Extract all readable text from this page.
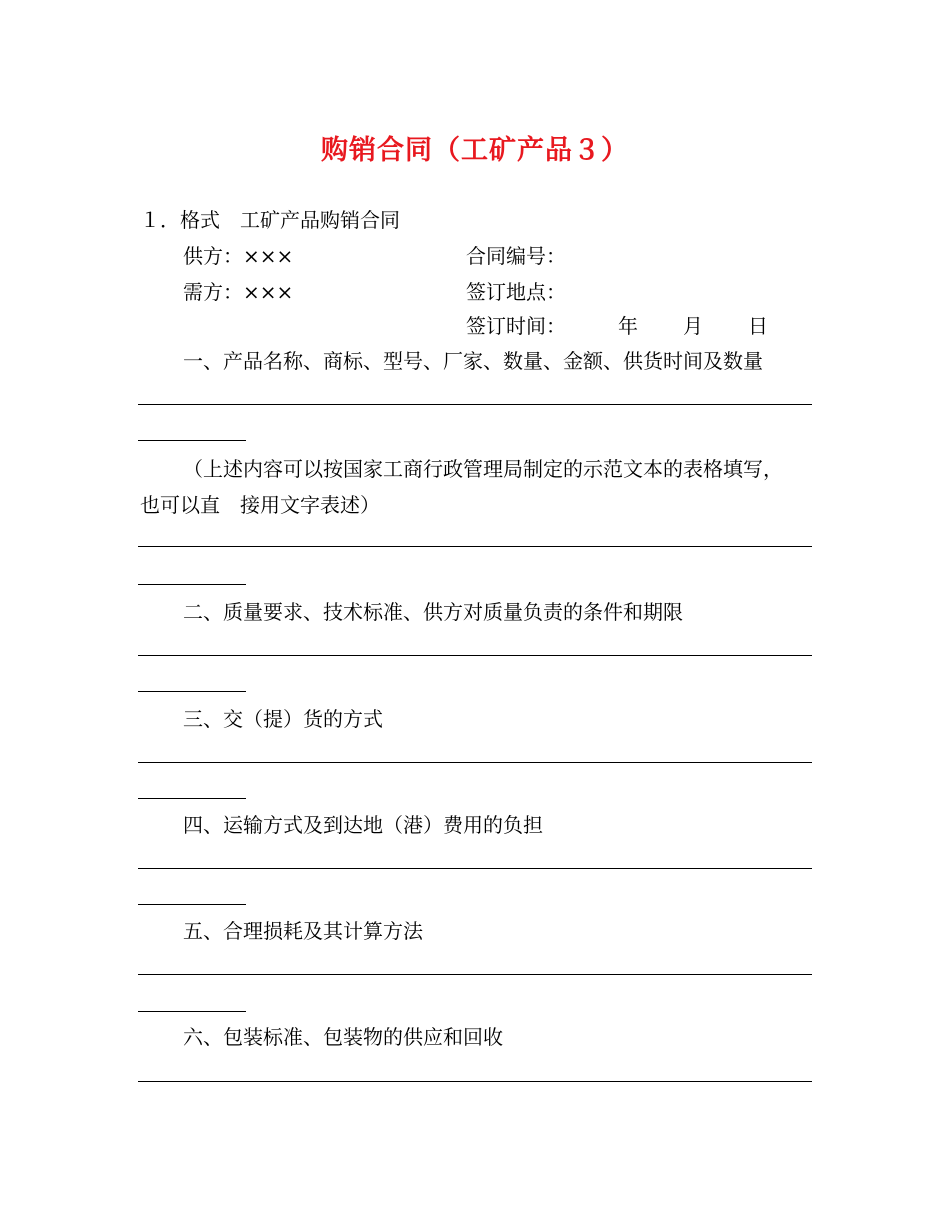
购销合同（工矿产品３）
１．格式　工矿产品购销合同
供方：×××	合同编号：
需方：×××	签订地点：
签订时间：	年 月 日
一、产品名称、商标、型号、厂家、数量、金额、供货时间及数量
（上述内容可以按国家工商行政管理局制定的示范文本的表格填写，
也可以直　接用文字表述）
二、质量要求、技术标准、供方对质量负责的条件和期限
三、交（提）货的方式
四、运输方式及到达地（港）费用的负担
五、合理损耗及其计算方法
六、包装标准、包装物的供应和回收
